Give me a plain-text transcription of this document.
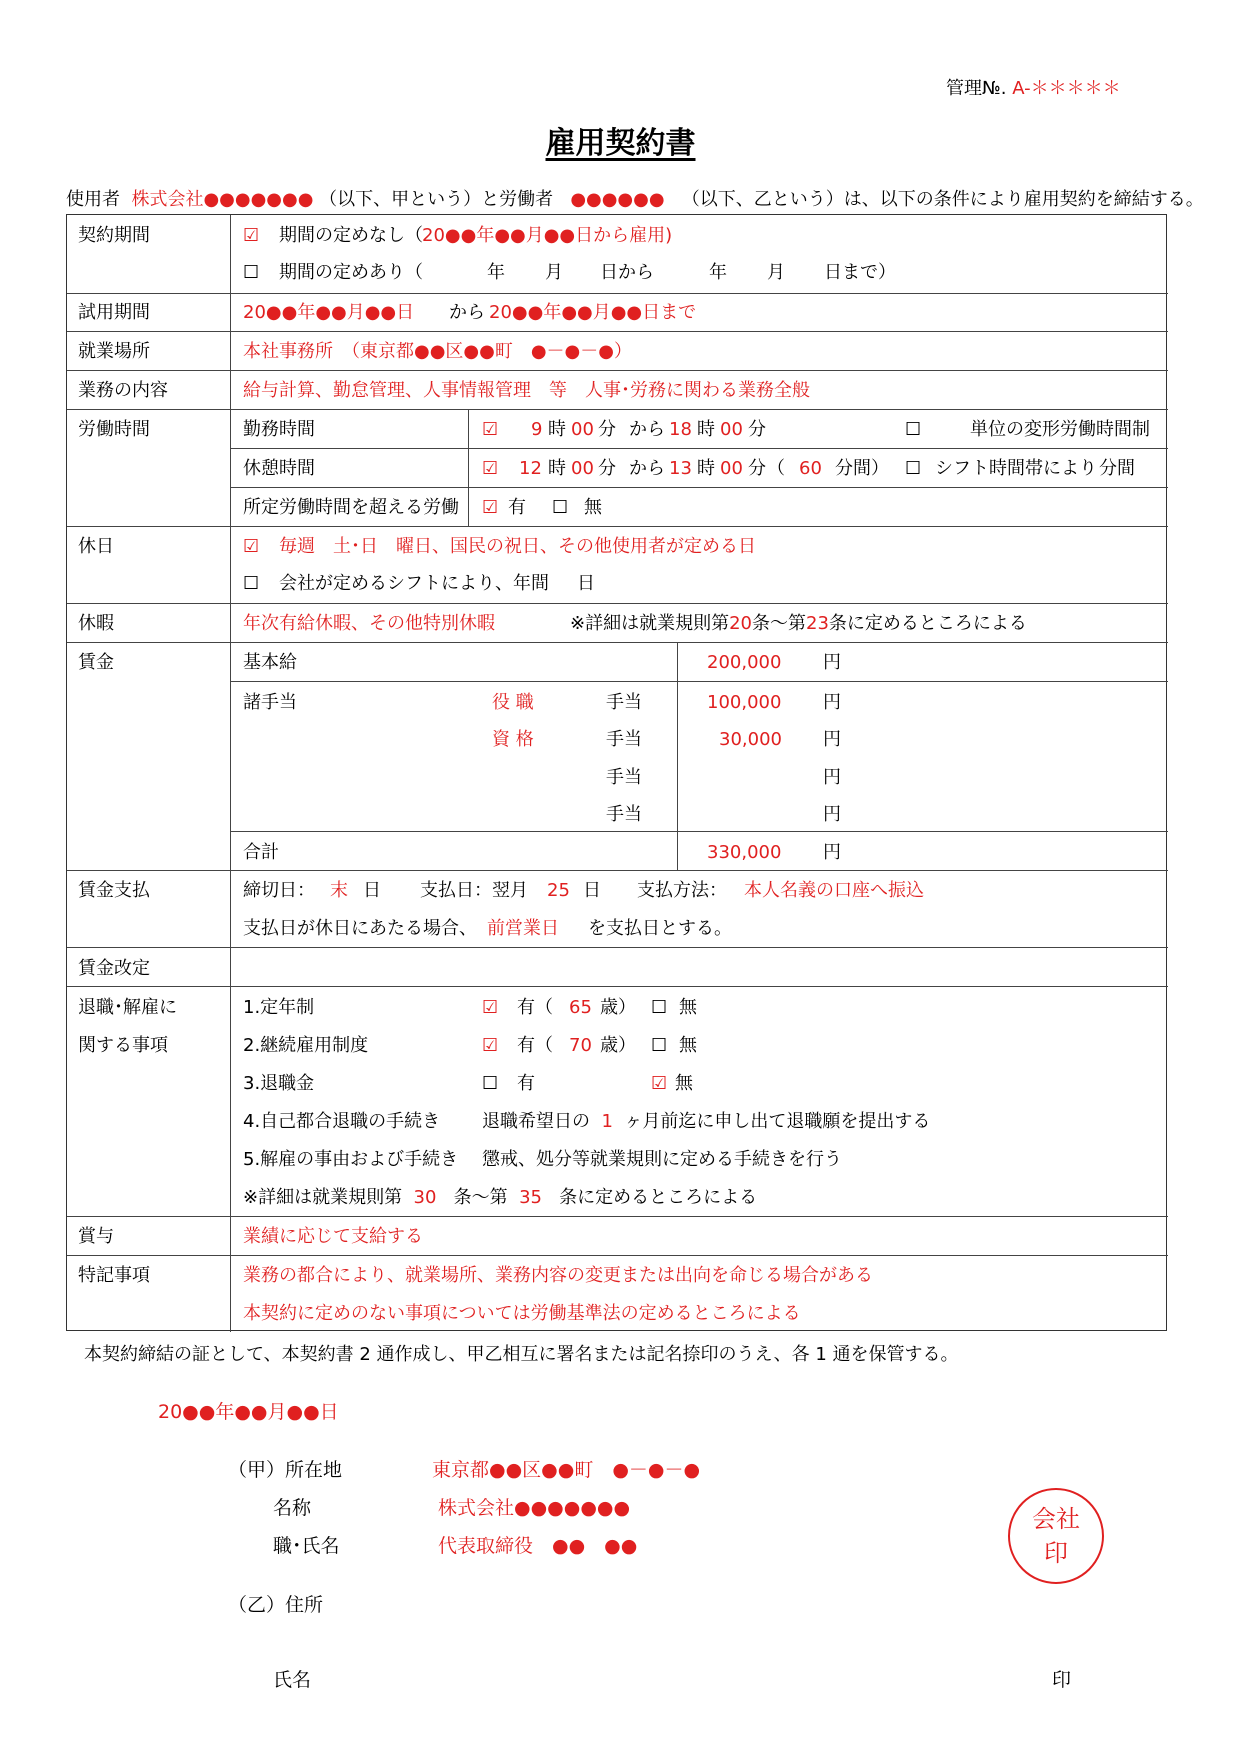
管理№. A-＊＊＊＊＊
雇用契約書
使用者 株式会社●●●●●●● （以下、甲という）と労働者 ●●●●●● （以下、乙という）は、以下の条件により雇用契約を締結する。
契約期間	☑ 期間の定めなし（ 20●●年●●月●●日から雇用)
☐ 期間の定めあり（	年 月 日から	年 月 日まで）
試用期間	20●●年●●月●●日 から 20●●年●●月●●日まで
就業場所	本社事務所　（東京都●●区●●町　●－●－●）
業務の内容	給与計算、勤怠管理、人事情報管理　等　人事･労務に関わる業務全般
労働時間	勤務時間	☑ 9 時 00 分 から 18 時 00 分	☐	単位の変形労働時間制
休憩時間	☑ 12 時 00 分 から 13 時 00 分 （ 60 分間） ☐ シフト時間帯により 分間
所定労働時間を超える労働 ☑ 有 ☐ 無
休日	☑ 毎週　土･日　曜日、国民の祝日、その他使用者が定める日
☐ 会社が定めるシフトにより、年間 日
休暇	年次有給休暇、その他特別休暇	※詳細は就業規則第20条～第23条に定めるところによる
賃金	基本給	200,000 円
諸手当	役 職	手当	100,000 円
資 格	手当	30,000 円
手当	円
手当	円
合計	330,000 円
賃金支払	締切日： 末 日 支払日：翌月 25 日 支払方法： 本人名義の口座へ振込
支払日が休日にあたる場合、 前営業日 を支払日とする。
賃金改定
退職･解雇に
関する事項
1.定年制	☑ 有（ 65 歳） ☐ 無
2.継続雇用制度	☑ 有（ 70 歳） ☐ 無
3.退職金	☐ 有	☑ 無
4.自己都合退職の手続き 退職希望日の 1 ヶ月前迄に申し出て退職願を提出する
5.解雇の事由および手続き 懲戒、処分等就業規則に定める手続きを行う
※詳細は就業規則第 30 条～第 35 条に定めるところによる
賞与	業績に応じて支給する
特記事項	業務の都合により、就業場所、業務内容の変更または出向を命じる場合がある
本契約に定めのない事項については労働基準法の定めるところによる
本契約締結の証として、本契約書 2 通作成し、甲乙相互に署名または記名捺印のうえ、各 1 通を保管する。
20●●年●●月●●日
（甲）所在地	東京都●●区●●町　●－●－●
名称	株式会社●●●●●●●
職･氏名	代表取締役　●●　●●
会社
印
（乙）住所
氏名	印
